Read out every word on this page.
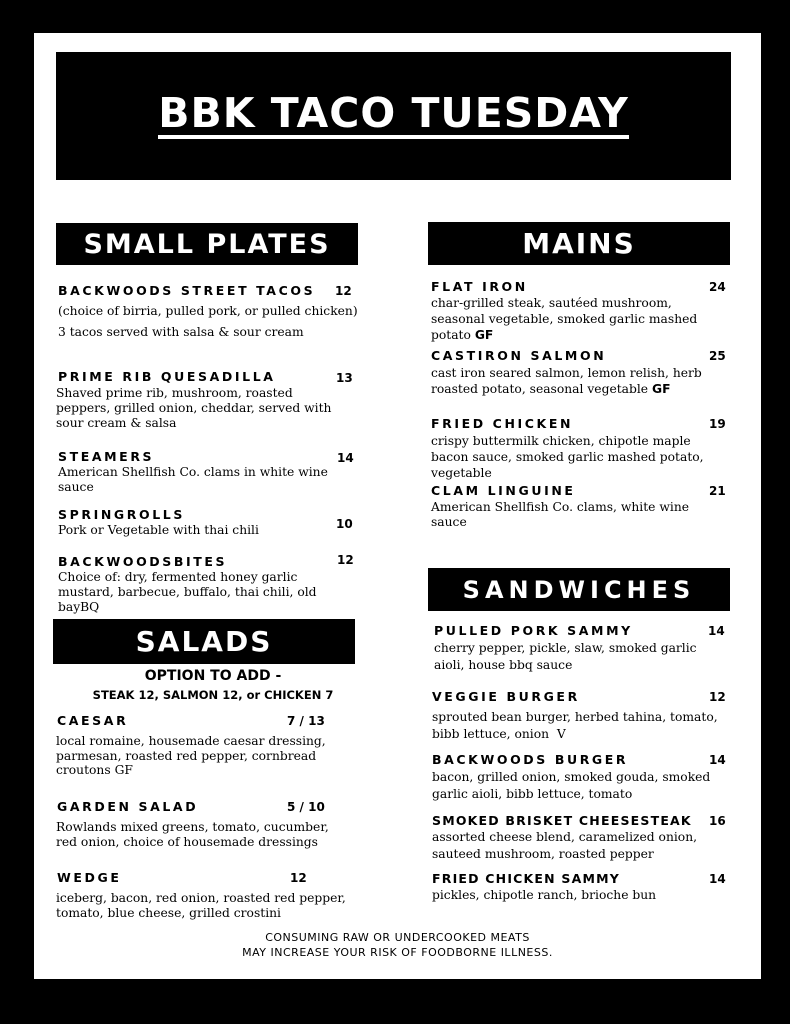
BBK TACO TUESDAY
SMALL PLATES
BACKWOODS STREET TACOS 12
(choice of birria, pulled pork, or pulled chicken)
3 tacos served with salsa & sour cream
PRIME RIB QUESADILLA	13
Shaved prime rib, mushroom, roasted peppers, grilled onion, cheddar, served with sour cream & salsa
STEAMERS	14
American Shellfish Co. clams in white wine sauce
SPRINGROLLS
10
Pork or Vegetable with thai chili
BACKWOODSBITES	12
Choice of: dry, fermented honey garlic mustard, barbecue, buffalo, thai chili, old bayBQ
SALADS
OPTION TO ADD -
STEAK 12, SALMON 12, or CHICKEN 7
CAESAR	7 / 13
local romaine, housemade caesar dressing, parmesan, roasted red pepper, cornbread croutons GF
GARDEN SALAD	5 / 10
Rowlands mixed greens, tomato, cucumber, red onion, choice of housemade dressings
WEDGE	12
iceberg, bacon, red onion, roasted red pepper, tomato, blue cheese, grilled crostini
MAINS
FLAT IRON	24
char-grilled steak, sautéed mushroom, seasonal vegetable, smoked garlic mashed potato GF
CASTIRON SALMON	25
cast iron seared salmon, lemon relish, herb roasted potato, seasonal vegetable GF
FRIED CHICKEN	19
crispy buttermilk chicken, chipotle maple bacon sauce, smoked garlic mashed potato, vegetable
CLAM LINGUINE	21
American Shellfish Co. clams, white wine sauce
SANDWICHES
PULLED PORK SAMMY	14
cherry pepper, pickle, slaw, smoked garlic aioli, house bbq sauce
VEGGIE BURGER	12
sprouted bean burger, herbed tahina, tomato, bibb lettuce, onion V
BACKWOODS BURGER	14
bacon, grilled onion, smoked gouda, smoked garlic aioli, bibb lettuce, tomato
SMOKED BRISKET CHEESESTEAK 16
assorted cheese blend, caramelized onion, sauteed mushroom, roasted pepper
FRIED CHICKEN SAMMY	14
pickles, chipotle ranch, brioche bun
CONSUMING RAW OR UNDERCOOKED MEATS
MAY INCREASE YOUR RISK OF FOODBORNE ILLNESS.
